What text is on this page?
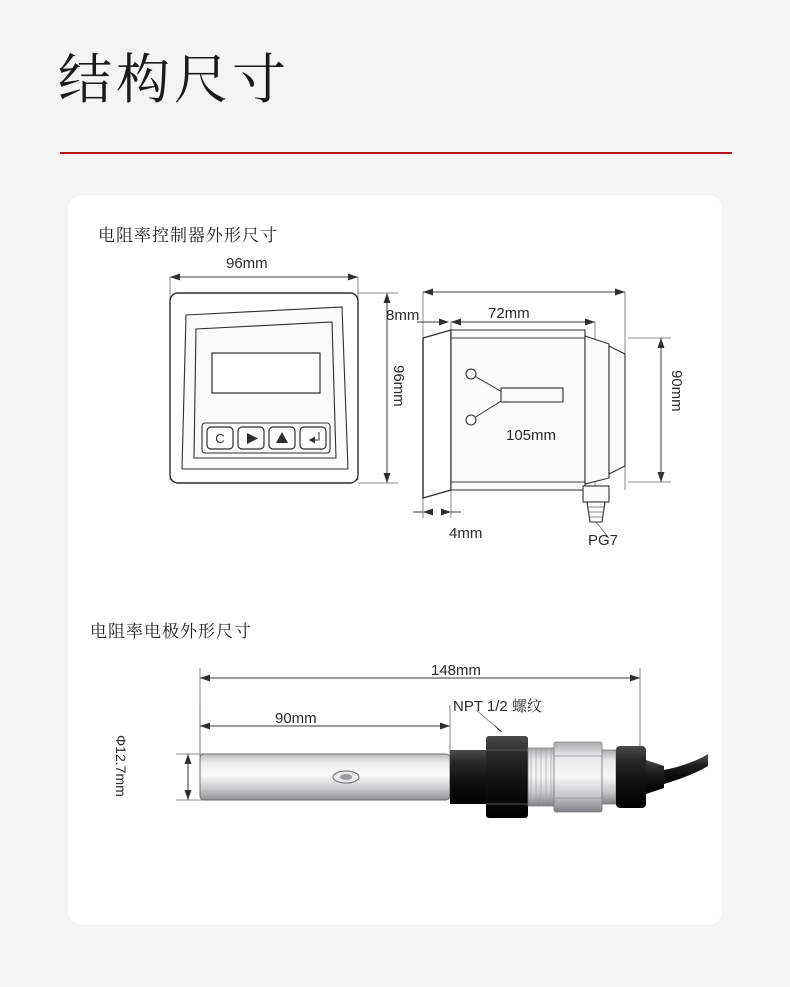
结构尺寸
电阻率控制器外形尺寸
C
96mm
96mm
105mm
8mm	72mm
90mm
4mm	PG7
电阻率电极外形尺寸
148mm
90mm
Φ12.7mm
NPT 1/2 螺纹
